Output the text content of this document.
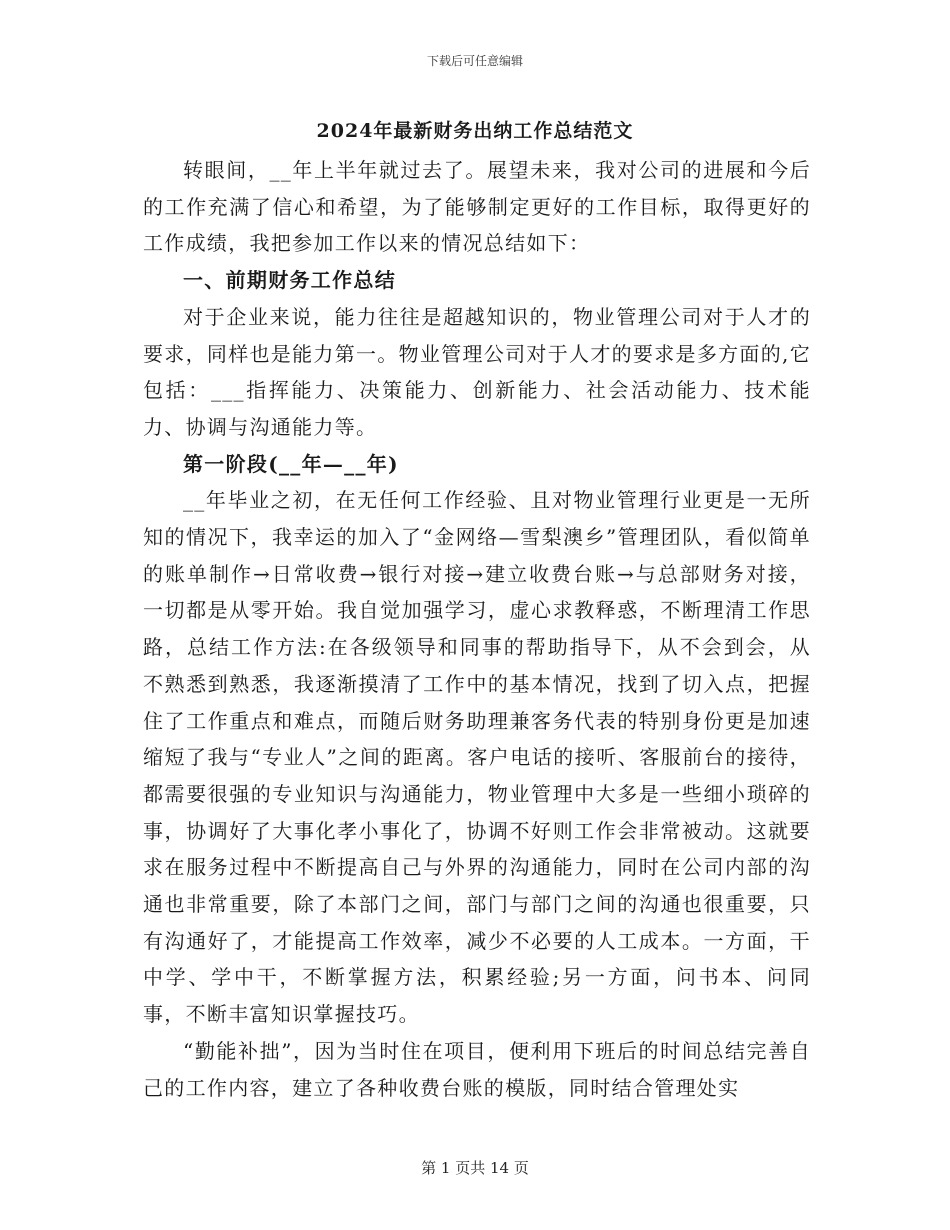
下载后可任意编辑
2024年最新财务出纳工作总结范文

转眼间，__年上半年就过去了。展望未来，我对公司的进展和今后的工作充满了信心和希望，为了能够制定更好的工作目标，取得更好的工作成绩，我把参加工作以来的情况总结如下：

一、前期财务工作总结

对于企业来说，能力往往是超越知识的，物业管理公司对于人才的要求，同样也是能力第一。物业管理公司对于人才的要求是多方面的,它包括：___指挥能力、决策能力、创新能力、社会活动能力、技术能力、协调与沟通能力等。

第一阶段(__年—__年)

__年毕业之初，在无任何工作经验、且对物业管理行业更是一无所知的情况下，我幸运的加入了“金网络—雪梨澳乡”管理团队，看似简单的账单制作→日常收费→银行对接→建立收费台账→与总部财务对接，一切都是从零开始。我自觉加强学习，虚心求教释惑，不断理清工作思路，总结工作方法:在各级领导和同事的帮助指导下，从不会到会，从不熟悉到熟悉，我逐渐摸清了工作中的基本情况，找到了切入点，把握住了工作重点和难点，而随后财务助理兼客务代表的特别身份更是加速缩短了我与“专业人”之间的距离。客户电话的接听、客服前台的接待，都需要很强的专业知识与沟通能力，物业管理中大多是一些细小琐碎的事，协调好了大事化孝小事化了，协调不好则工作会非常被动。这就要求在服务过程中不断提高自己与外界的沟通能力，同时在公司内部的沟通也非常重要，除了本部门之间，部门与部门之间的沟通也很重要，只有沟通好了，才能提高工作效率，减少不必要的人工成本。一方面，干中学、学中干，不断掌握方法，积累经验;另一方面，问书本、问同事，不断丰富知识掌握技巧。

“勤能补拙”，因为当时住在项目，便利用下班后的时间总结完善自己的工作内容，建立了各种收费台账的模版，同时结合管理处实

第 1 页共 14 页
